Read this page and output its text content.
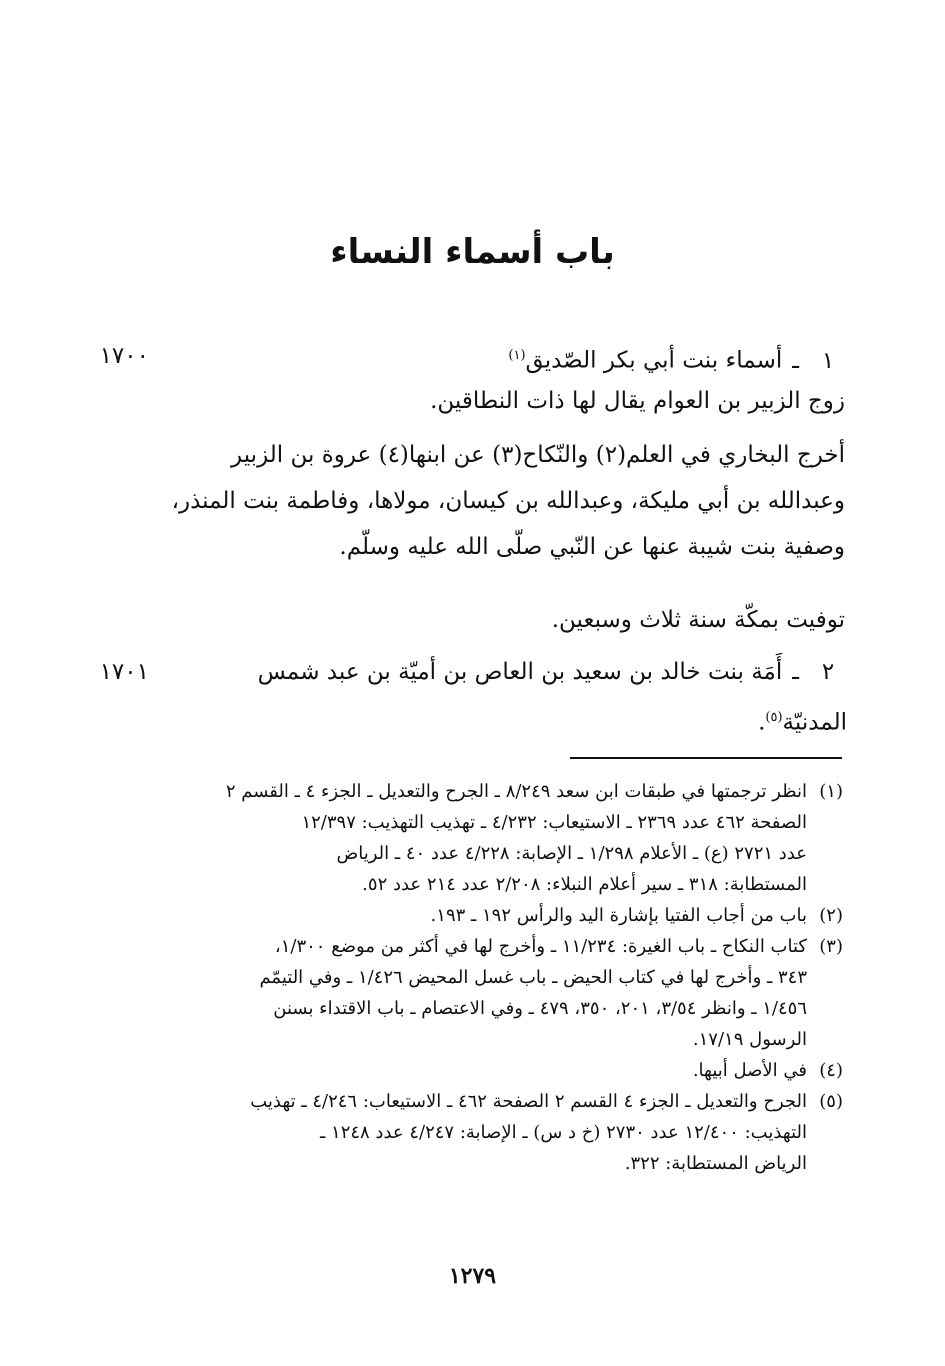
باب أسماء النساء
١٧٠٠	١ـأسماء بنت أبي بكر الصّديق$^{(١)}$
زوج الزبير بن العوام يقال لها ذات النطاقين.
أخرج البخاري في العلم(٢) والنّكاح(٣) عن ابنها(٤) عروة بن الزبير
وعبدالله بن أبي مليكة، وعبدالله بن كيسان، مولاها، وفاطمة بنت المنذر،
وصفية بنت شيبة عنها عن النّبي صلّى الله عليه وسلّم.
توفيت بمكّة سنة ثلاث وسبعين.
١٧٠١	٢ـأَمَة بنت خالد بن سعيد بن العاص بن أميّة بن عبد شمس
المدنيّة$^{(٥)}$.
(١)
انظر ترجمتها في طبقات ابن سعد ٨/٢٤٩ ـ الجرح والتعديل ـ الجزء ٤ ـ القسم ٢
الصفحة ٤٦٢ عدد ٢٣٦٩ ـ الاستيعاب: ٤/٢٣٢ ـ تهذيب التهذيب: ١٢/٣٩٧
عدد ٢٧٢١ (ع) ـ الأعلام ١/٢٩٨ ـ الإصابة: ٤/٢٢٨ عدد ٤٠ ـ الرياض
المستطابة: ٣١٨ ـ سير أعلام النبلاء: ٢/٢٠٨ عدد ٢١٤ عدد ٥٢.
(٢)
باب من أجاب الفتيا بإشارة اليد والرأس ١٩٢ ـ ١٩٣.
(٣)
كتاب النكاح ـ باب الغيرة: ١١/٢٣٤ ـ وأخرج لها في أكثر من موضع ١/٣٠٠،
٣٤٣ ـ وأخرج لها في كتاب الحيض ـ باب غسل المحيض ١/٤٢٦ ـ وفي التيمّم
١/٤٥٦ ـ وانظر ٣/٥٤، ٢٠١، ٣٥٠، ٤٧٩ ـ وفي الاعتصام ـ باب الاقتداء بسنن
الرسول ١٧/١٩.
(٤)
في الأصل أبيها.
(٥)
الجرح والتعديل ـ الجزء ٤ القسم ٢ الصفحة ٤٦٢ ـ الاستيعاب: ٤/٢٤٦ ـ تهذيب
التهذيب: ١٢/٤٠٠ عدد ٢٧٣٠ (خ د س) ـ الإصابة: ٤/٢٤٧ عدد ١٢٤٨ ـ
الرياض المستطابة: ٣٢٢.
١٢٧٩
